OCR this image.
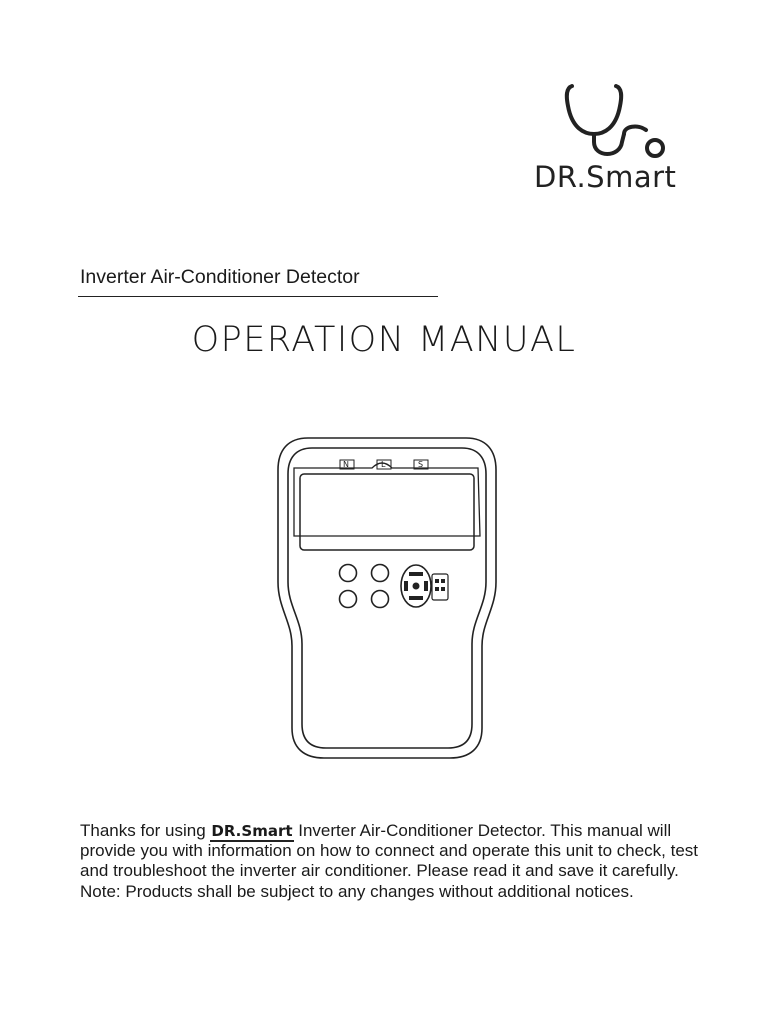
DR.Smart
Inverter Air-Conditioner Detector
OPERATION MANUAL
N	L	S

Thanks for using DR.Smart Inverter Air-Conditioner Detector. This manual will provide you with information on how to connect and operate this unit to check, test and troubleshoot the inverter air conditioner. Please read it and save it carefully.

Note: Products shall be subject to any changes without additional notices.
